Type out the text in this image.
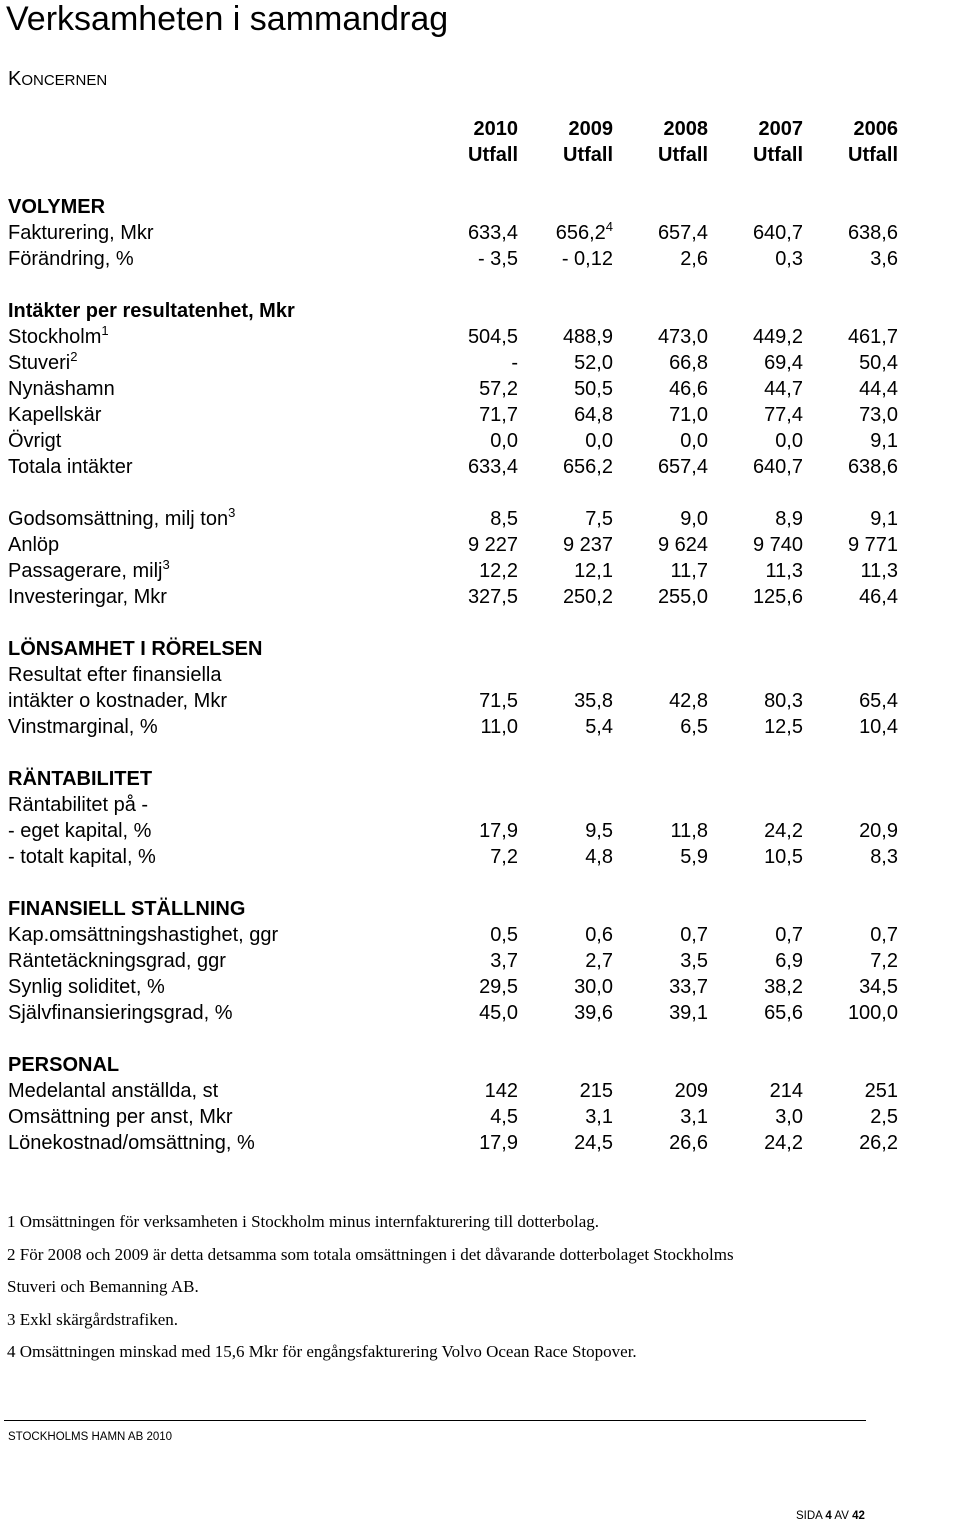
Verksamheten i sammandrag
KONCERNEN
2010	2009	2008	2007	2006
Utfall	Utfall	Utfall	Utfall	Utfall
VOLYMER
Fakturering, Mkr	633,4	656,2$^4$	657,4	640,7	638,6
Förändring, %	- 3,5	- 0,12	2,6	0,3	3,6
Intäkter per resultatenhet, Mkr
Stockholm$^1$	504,5	488,9	473,0	449,2	461,7
Stuveri$^2$	-	52,0	66,8	69,4	50,4
Nynäshamn	57,2	50,5	46,6	44,7	44,4
Kapellskär	71,7	64,8	71,0	77,4	73,0
Övrigt	0,0	0,0	0,0	0,0	9,1
Totala intäkter	633,4	656,2	657,4	640,7	638,6
Godsomsättning, milj ton$^3$	8,5	7,5	9,0	8,9	9,1
Anlöp	9 227	9 237	9 624	9 740	9 771
Passagerare, milj$^3$	12,2	12,1	11,7	11,3	11,3
Investeringar, Mkr	327,5	250,2	255,0	125,6	46,4
LÖNSAMHET I RÖRELSEN
Resultat efter finansiella
intäkter o kostnader, Mkr	71,5	35,8	42,8	80,3	65,4
Vinstmarginal, %	11,0	5,4	6,5	12,5	10,4
RÄNTABILITET
Räntabilitet på -
- eget kapital, %	17,9	9,5	11,8	24,2	20,9
- totalt kapital, %	7,2	4,8	5,9	10,5	8,3
FINANSIELL STÄLLNING
Kap.omsättningshastighet, ggr	0,5	0,6	0,7	0,7	0,7
Räntetäckningsgrad, ggr	3,7	2,7	3,5	6,9	7,2
Synlig soliditet, %	29,5	30,0	33,7	38,2	34,5
Självfinansieringsgrad, %	45,0	39,6	39,1	65,6	100,0
PERSONAL
Medelantal anställda, st	142	215	209	214	251
Omsättning per anst, Mkr	4,5	3,1	3,1	3,0	2,5
Lönekostnad/omsättning, %	17,9	24,5	26,6	24,2	26,2
1 Omsättningen för verksamheten i Stockholm minus internfakturering till dotterbolag.
2 För 2008 och 2009 är detta detsamma som totala omsättningen i det dåvarande dotterbolaget Stockholms
Stuveri och Bemanning AB.
3 Exkl skärgårdstrafiken.
4 Omsättningen minskad med 15,6 Mkr för engångsfakturering Volvo Ocean Race Stopover.
STOCKHOLMS HAMN AB 2010
SIDA 4 AV 42
